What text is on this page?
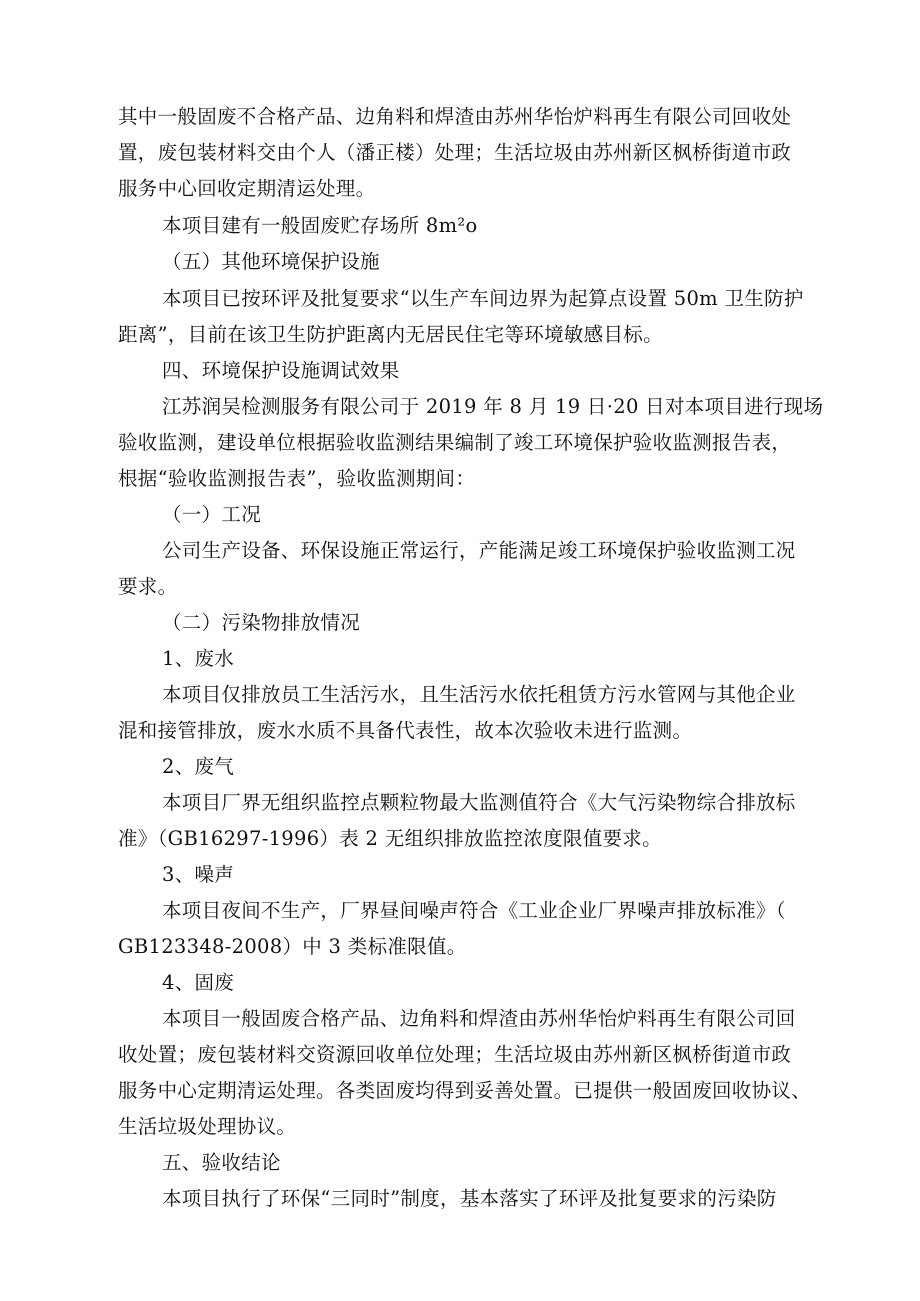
其中一般固废不合格产品、边角料和焊渣由苏州华怡炉料再生有限公司回收处
置，废包装材料交由个人（潘正楼）处理；生活垃圾由苏州新区枫桥街道市政
服务中心回收定期清运处理。
本项目建有一般固废贮存场所 8m²o
（五）其他环境保护设施
本项目已按环评及批复要求“以生产车间边界为起算点设置 50m 卫生防护
距离”，目前在该卫生防护距离内无居民住宅等环境敏感目标。
四、环境保护设施调试效果
江苏润吴检测服务有限公司于 2019 年 8 月 19 日·20 日对本项目进行现场
验收监测，建设单位根据验收监测结果编制了竣工环境保护验收监测报告表，
根据“验收监测报告表”，验收监测期间：
（一）工况
公司生产设备、环保设施正常运行，产能满足竣工环境保护验收监测工况
要求。
（二）污染物排放情况
1、废水
本项目仅排放员工生活污水，且生活污水依托租赁方污水管网与其他企业
混和接管排放，废水水质不具备代表性，故本次验收未进行监测。
2、废气
本项目厂界无组织监控点颗粒物最大监测值符合《大气污染物综合排放标
准》（GB16297-1996）表 2 无组织排放监控浓度限值要求。
3、噪声
本项目夜间不生产，厂界昼间噪声符合《工业企业厂界噪声排放标准》（
GB123348-2008）中 3 类标准限值。
4、固废
本项目一般固废合格产品、边角料和焊渣由苏州华怡炉料再生有限公司回
收处置；废包装材料交资源回收单位处理；生活垃圾由苏州新区枫桥街道市政
服务中心定期清运处理。各类固废均得到妥善处置。已提供一般固废回收协议、
生活垃圾处理协议。
五、验收结论
本项目执行了环保“三同时”制度，基本落实了环评及批复要求的污染防
